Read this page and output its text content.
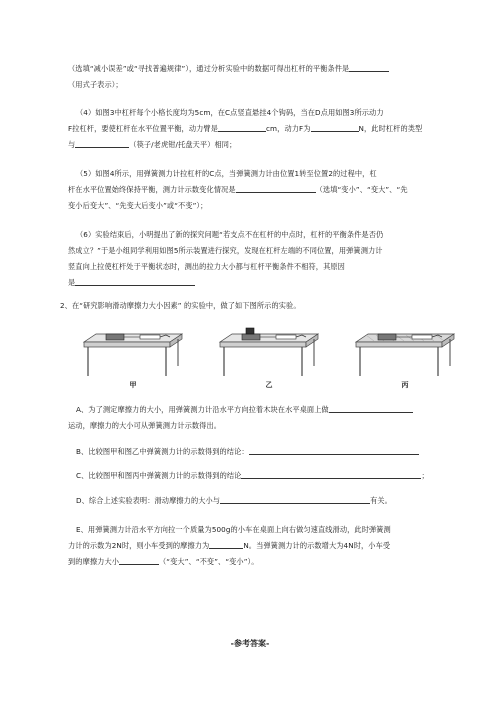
（选填“减小误差”或“寻找普遍规律”），通过分析实验中的数据可得出杠杆的平衡条件是
（用式子表示）；
（4）如图3中杠杆每个小格长度均为5cm，在C点竖直悬挂4个钩码，当在D点用如图3所示动力
F拉杠杆，要使杠杆在水平位置平衡，动力臂是	cm，动力F为	N，此时杠杆的类型
与	（筷子/老虎钳/托盘天平）相同；
（5）如图4所示，用弹簧测力计拉杠杆的C点，当弹簧测力计由位置1转至位置2的过程中，杠
杆在水平位置始终保持平衡，测力计示数变化情况是	（选填“变小”、“变大”、“先
变小后变大”、“先变大后变小”或“不变”）；
（6）实验结束后，小明提出了新的探究问题“若支点不在杠杆的中点时，杠杆的平衡条件是否仍
然成立？”于是小组同学利用如图5所示装置进行探究，发现在杠杆左端的不同位置，用弹簧测力计
竖直向上拉使杠杆处于平衡状态时，测出的拉力大小都与杠杆平衡条件不相符，其原因
是
2、在“研究影响滑动摩擦力大小因素” 的实验中，做了如下图所示的实验。
甲	乙	丙
A、为了测定摩擦力的大小，用弹簧测力计沿水平方向拉着木块在水平桌面上做
运动，摩擦力的大小可从弹簧测力计示数得出。
B、比较图甲和图乙中弹簧测力计的示数得到的结论：
C、比较图甲和图丙中弹簧测力计的示数得到的结论	；
D、综合上述实验表明：滑动摩擦力的大小与	有关。
E、用弹簧测力计沿水平方向拉一个质量为500g的小车在桌面上向右做匀速直线滑动，此时弹簧测
力计的示数为2N时，则小车受到的摩擦力为	N。当弹簧测力计的示数增大为4N时，小车受
到的摩擦力大小	（“变大”、“不变”、“变小”）。
-参考答案-
